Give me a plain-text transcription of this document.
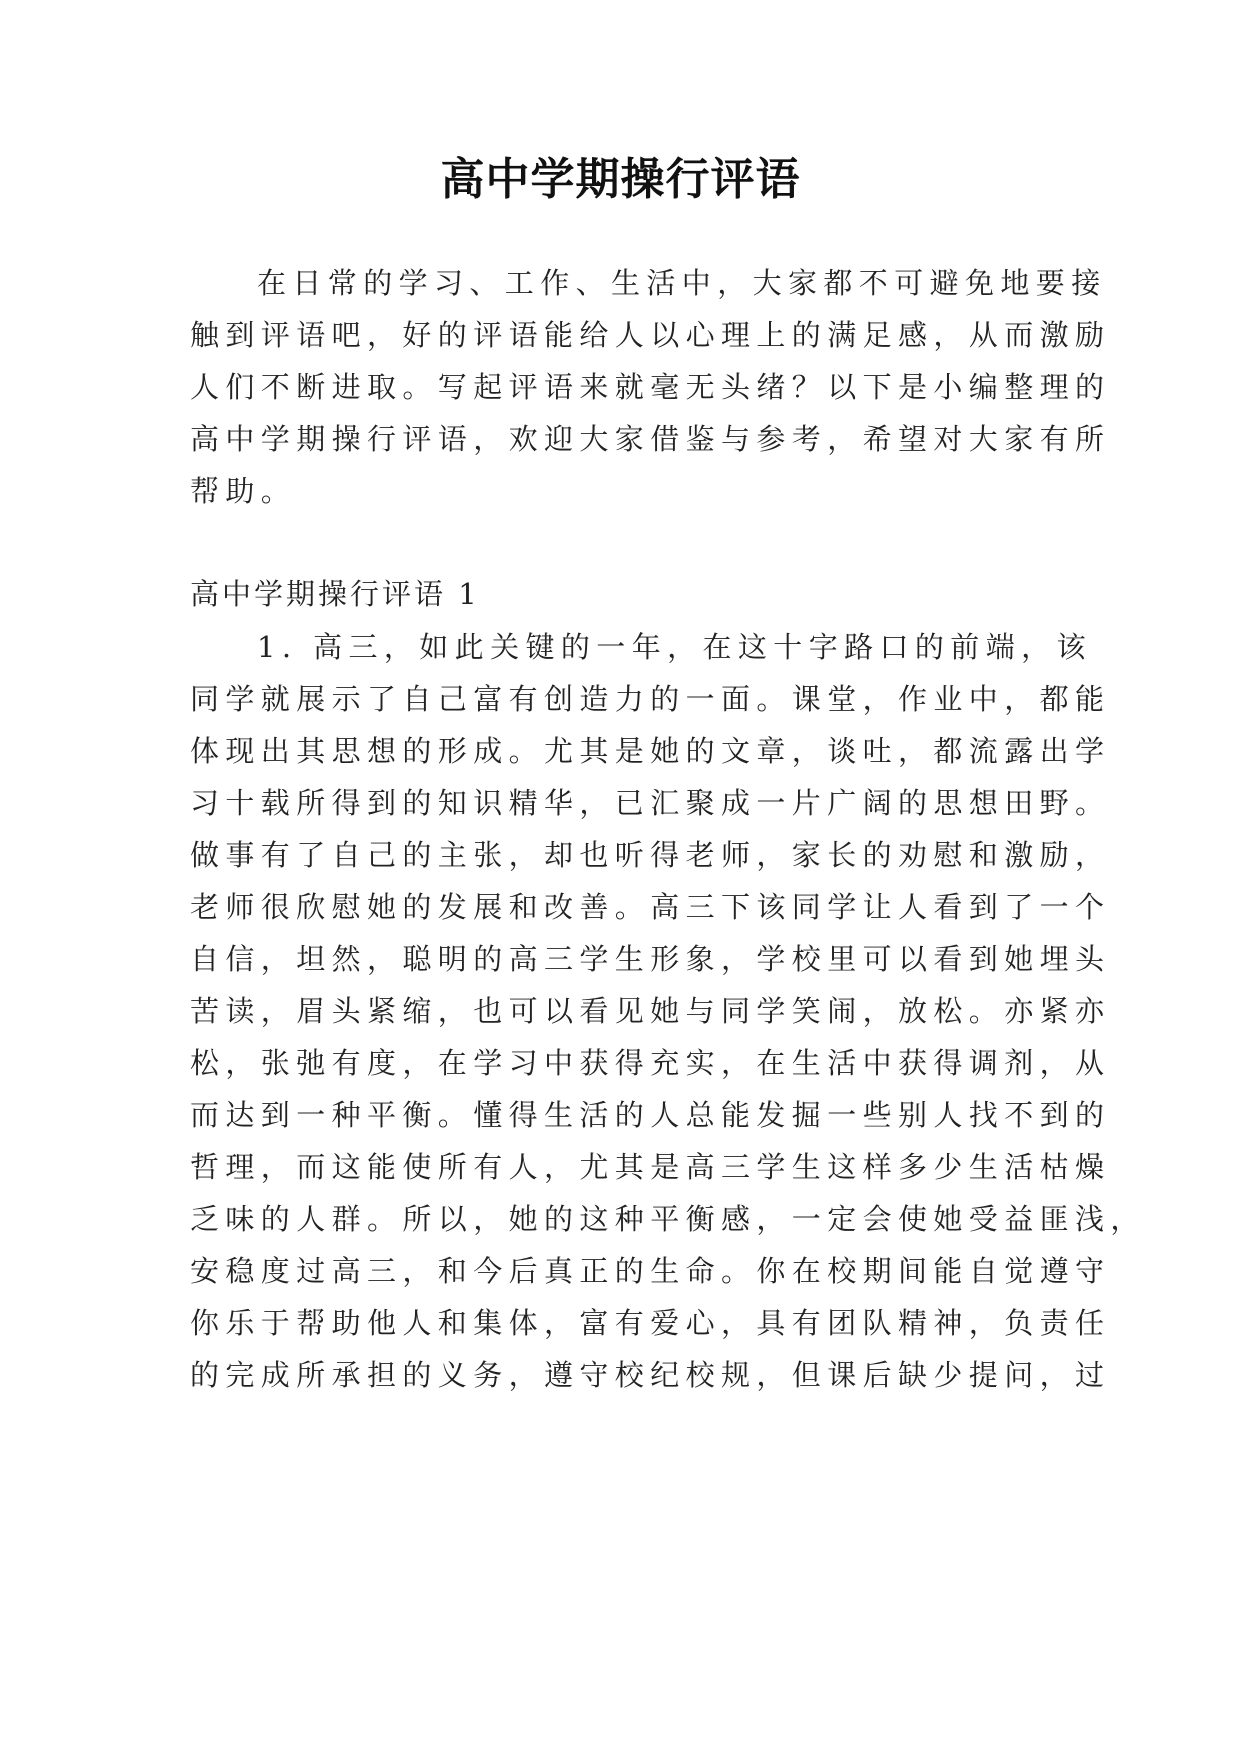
高中学期操行评语
在日常的学习、工作、生活中，大家都不可避免地要接
触到评语吧，好的评语能给人以心理上的满足感，从而激励
人们不断进取。写起评语来就毫无头绪？以下是小编整理的
高中学期操行评语，欢迎大家借鉴与参考，希望对大家有所
帮助。
高中学期操行评语 1
1. 高三，如此关键的一年，在这十字路口的前端，该
同学就展示了自己富有创造力的一面。课堂，作业中，都能
体现出其思想的形成。尤其是她的文章，谈吐，都流露出学
习十载所得到的知识精华，已汇聚成一片广阔的思想田野。
做事有了自己的主张，却也听得老师，家长的劝慰和激励，
老师很欣慰她的发展和改善。高三下该同学让人看到了一个
自信，坦然，聪明的高三学生形象，学校里可以看到她埋头
苦读，眉头紧缩，也可以看见她与同学笑闹，放松。亦紧亦
松，张弛有度，在学习中获得充实，在生活中获得调剂，从
而达到一种平衡。懂得生活的人总能发掘一些别人找不到的
哲理，而这能使所有人，尤其是高三学生这样多少生活枯燥
乏味的人群。所以，她的这种平衡感，一定会使她受益匪浅，
安稳度过高三，和今后真正的生命。你在校期间能自觉遵守
你乐于帮助他人和集体，富有爱心，具有团队精神，负责任
的完成所承担的义务，遵守校纪校规，但课后缺少提问，过
